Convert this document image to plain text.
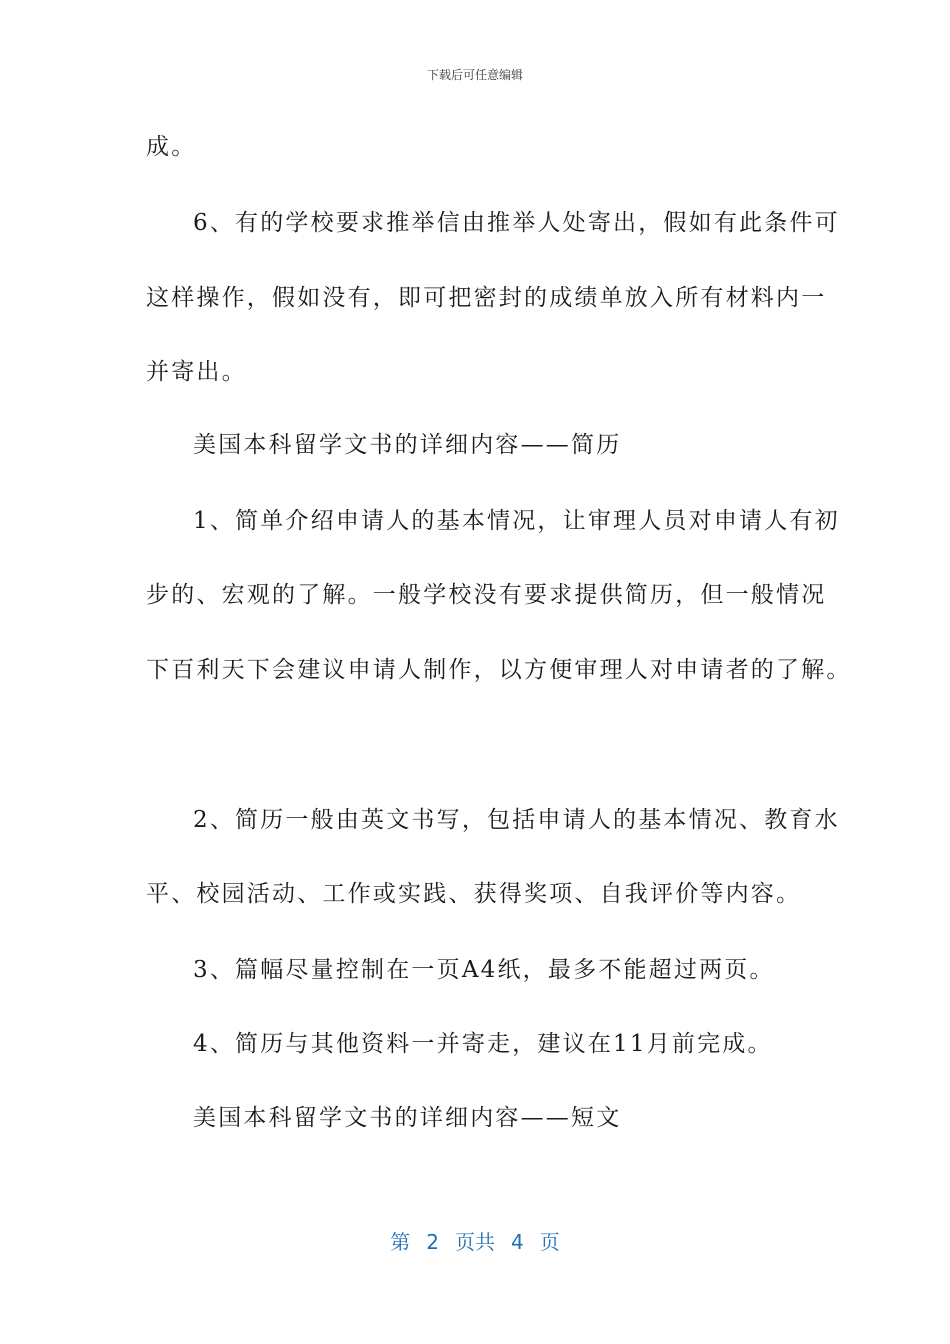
下载后可任意编辑
成。
6、有的学校要求推举信由推举人处寄出，假如有此条件可
这样操作，假如没有，即可把密封的成绩单放入所有材料内一
并寄出。
美国本科留学文书的详细内容——简历
1、简单介绍申请人的基本情况，让审理人员对申请人有初
步的、宏观的了解。一般学校没有要求提供简历，但一般情况
下百利天下会建议申请人制作，以方便审理人对申请者的了解。
2、简历一般由英文书写，包括申请人的基本情况、教育水
平、校园活动、工作或实践、获得奖项、自我评价等内容。
3、篇幅尽量控制在一页A4纸，最多不能超过两页。
4、简历与其他资料一并寄走，建议在11月前完成。
美国本科留学文书的详细内容——短文
第 2 页共 4 页
